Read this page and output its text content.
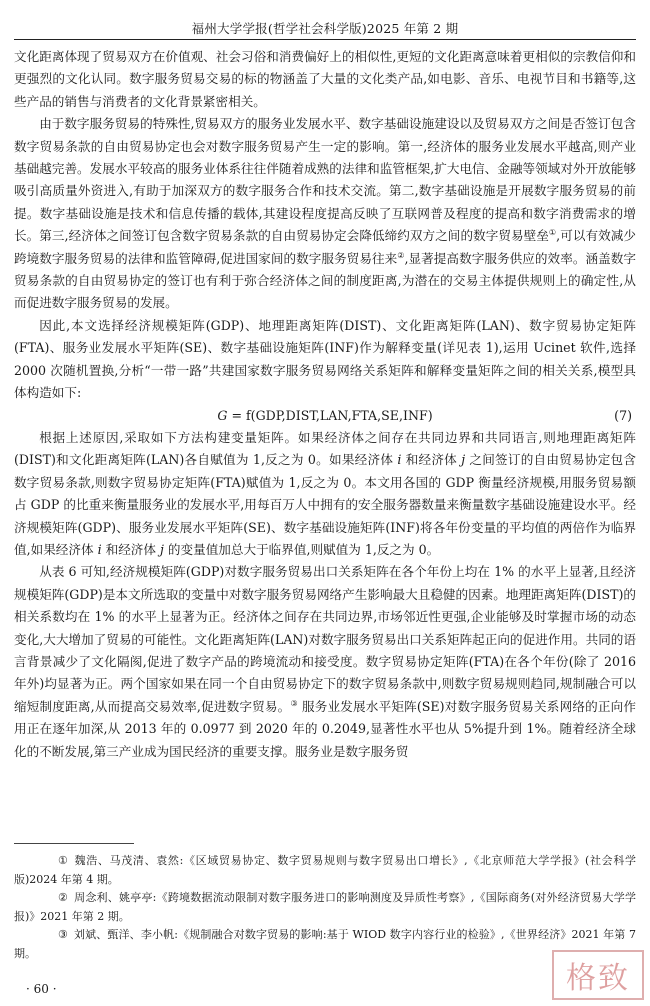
福州大学学报(哲学社会科学版)2025 年第 2 期

文化距离体现了贸易双方在价值观、社会习俗和消费偏好上的相似性,更短的文化距离意味着更相似的宗教信仰和更强烈的文化认同。数字服务贸易交易的标的物涵盖了大量的文化类产品,如电影、音乐、电视节目和书籍等,这些产品的销售与消费者的文化背景紧密相关。

由于数字服务贸易的特殊性,贸易双方的服务业发展水平、数字基础设施建设以及贸易双方之间是否签订包含数字贸易条款的自由贸易协定也会对数字服务贸易产生一定的影响。第一,经济体的服务业发展水平越高,则产业基础越完善。发展水平较高的服务业体系往往伴随着成熟的法律和监管框架,扩大电信、金融等领域对外开放能够吸引高质量外资进入,有助于加深双方的数字服务合作和技术交流。第二,数字基础设施是开展数字服务贸易的前提。数字基础设施是技术和信息传播的载体,其建设程度提高反映了互联网普及程度的提高和数字消费需求的增长。第三,经济体之间签订包含数字贸易条款的自由贸易协定会降低缔约双方之间的数字贸易壁垒①,可以有效减少跨境数字服务贸易的法律和监管障碍,促进国家间的数字服务贸易往来②,显著提高数字服务供应的效率。涵盖数字贸易条款的自由贸易协定的签订也有利于弥合经济体之间的制度距离,为潜在的交易主体提供规则上的确定性,从而促进数字服务贸易的发展。

因此,本文选择经济规模矩阵(GDP)、地理距离矩阵(DIST)、文化距离矩阵(LAN)、数字贸易协定矩阵(FTA)、服务业发展水平矩阵(SE)、数字基础设施矩阵(INF)作为解释变量(详见表 1),运用 Ucinet 软件,选择 2000 次随机置换,分析“一带一路”共建国家数字服务贸易网络关系矩阵和解释变量矩阵之间的相关关系,模型具体构造如下:

G = f(GDP,DIST,LAN,FTA,SE,INF)	(7)

根据上述原因,采取如下方法构建变量矩阵。如果经济体之间存在共同边界和共同语言,则地理距离矩阵(DIST)和文化距离矩阵(LAN)各自赋值为 1,反之为 0。如果经济体 i 和经济体 j 之间签订的自由贸易协定包含数字贸易条款,则数字贸易协定矩阵(FTA)赋值为 1,反之为 0。本文用各国的 GDP 衡量经济规模,用服务贸易额占 GDP 的比重来衡量服务业的发展水平,用每百万人中拥有的安全服务器数量来衡量数字基础设施建设水平。经济规模矩阵(GDP)、服务业发展水平矩阵(SE)、数字基础设施矩阵(INF)将各年份变量的平均值的两倍作为临界值,如果经济体 i 和经济体 j 的变量值加总大于临界值,则赋值为 1,反之为 0。

从表 6 可知,经济规模矩阵(GDP)对数字服务贸易出口关系矩阵在各个年份上均在 1% 的水平上显著,且经济规模矩阵(GDP)是本文所选取的变量中对数字服务贸易网络产生影响最大且稳健的因素。地理距离矩阵(DIST)的相关系数均在 1% 的水平上显著为正。经济体之间存在共同边界,市场邻近性更强,企业能够及时掌握市场的动态变化,大大增加了贸易的可能性。文化距离矩阵(LAN)对数字服务贸易出口关系矩阵起正向的促进作用。共同的语言背景减少了文化隔阂,促进了数字产品的跨境流动和接受度。数字贸易协定矩阵(FTA)在各个年份(除了 2016 年外)均显著为正。两个国家如果在同一个自由贸易协定下的数字贸易条款中,则数字贸易规则趋同,规制融合可以缩短制度距离,从而提高交易效率,促进数字贸易。③ 服务业发展水平矩阵(SE)对数字服务贸易关系网络的正向作用正在逐年加深,从 2013 年的 0.0977 到 2020 年的 0.2049,显著性水平也从 5%提升到 1%。随着经济全球化的不断发展,第三产业成为国民经济的重要支撑。服务业是数字服务贸

① 魏浩、马茂清、袁然:《区域贸易协定、数字贸易规则与数字贸易出口增长》,《北京师范大学学报》(社会科学版)2024 年第 4 期。

② 周念利、姚亭亭:《跨境数据流动限制对数字服务进口的影响测度及异质性考察》,《国际商务(对外经济贸易大学学报)》2021 年第 2 期。

③ 刘斌、甄洋、李小帆:《规制融合对数字贸易的影响:基于 WIOD 数字内容行业的检验》,《世界经济》2021 年第 7 期。

· 60 ·	格致
